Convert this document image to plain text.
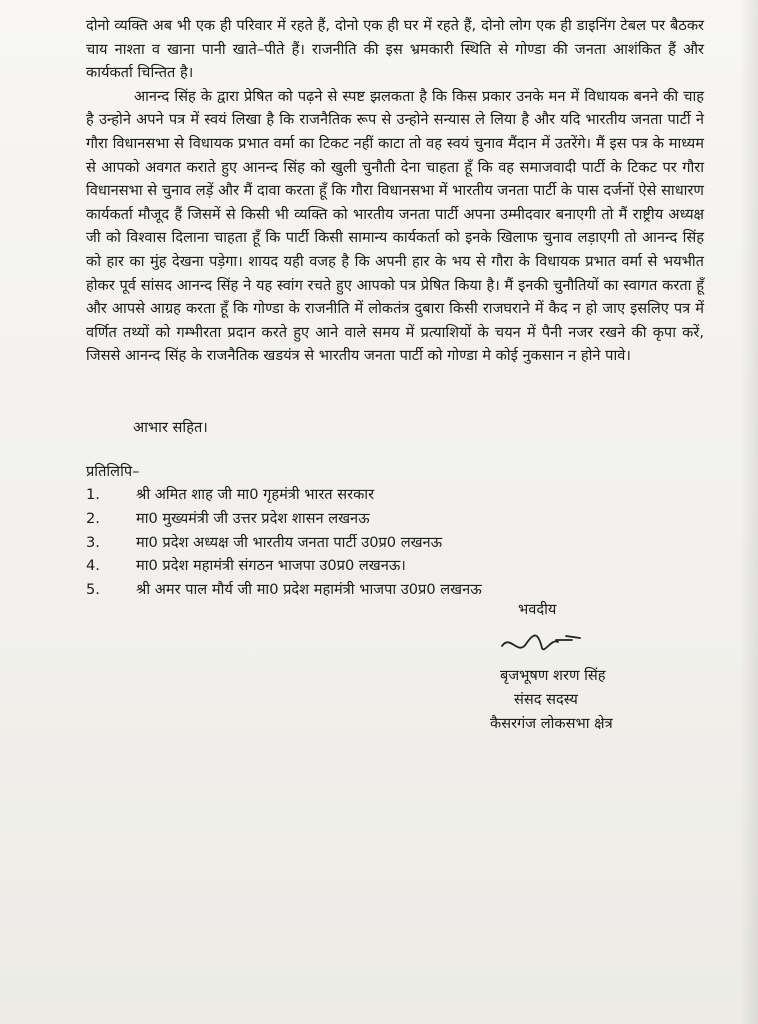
दोनो व्यक्ति अब भी एक ही परिवार में रहते हैं, दोनो एक ही घर में रहते हैं, दोनो लोग एक ही डाइनिंग टेबल पर बैठकर चाय नाश्ता व खाना पानी खाते–पीते हैं। राजनीति की इस भ्रमकारी स्थिति से गोण्डा की जनता आशंकित हैं और कार्यकर्ता चिन्तित है।

आनन्द सिंह के द्वारा प्रेषित को पढ़ने से स्पष्ट झलकता है कि किस प्रकार उनके मन में विधायक बनने की चाह है उन्होने अपने पत्र में स्वयं लिखा है कि राजनैतिक रूप से उन्होने सन्यास ले लिया है और यदि भारतीय जनता पार्टी ने गौरा विधानसभा से विधायक प्रभात वर्मा का टिकट नहीं काटा तो वह स्वयं चुनाव मैंदान में उतरेंगे। मैं इस पत्र के माध्यम से आपको अवगत कराते हुए आनन्द सिंह को खुली चुनौती देना चाहता हूँ कि वह समाजवादी पार्टी के टिकट पर गौरा विधानसभा से चुनाव लड़ें और मैं दावा करता हूँ कि गौरा विधानसभा में भारतीय जनता पार्टी के पास दर्जनों ऐसे साधारण कार्यकर्ता मौजूद हैं जिसमें से किसी भी व्यक्ति को भारतीय जनता पार्टी अपना उम्मीदवार बनाएगी तो मैं राष्ट्रीय अध्यक्ष जी को विश्वास दिलाना चाहता हूँ कि पार्टी किसी सामान्य कार्यकर्ता को इनके खिलाफ चुनाव लड़ाएगी तो आनन्द सिंह को हार का मुंह देखना पड़ेगा। शायद यही वजह है कि अपनी हार के भय से गौरा के विधायक प्रभात वर्मा से भयभीत होकर पूर्व सांसद आनन्द सिंह ने यह स्वांग रचते हुए आपको पत्र प्रेषित किया है। मैं इनकी चुनौतियों का स्वागत करता हूँ और आपसे आग्रह करता हूँ कि गोण्डा के राजनीति में लोकतंत्र दुबारा किसी राजघराने में कैद न हो जाए इसलिए पत्र में वर्णित तथ्यों को गम्भीरता प्रदान करते हुए आने वाले समय में प्रत्याशियों के चयन में पैनी नजर रखने की कृपा करें, जिससे आनन्द सिंह के राजनैतिक खडयंत्र से भारतीय जनता पार्टी को गोण्डा मे कोई नुकसान न होने पावे।

आभार सहित।
प्रतिलिपि–
1.	श्री अमित शाह जी मा0 गृहमंत्री भारत सरकार
2.	मा0 मुख्यमंत्री जी उत्तर प्रदेश शासन लखनऊ
3.	मा0 प्रदेश अध्यक्ष जी भारतीय जनता पार्टी उ0प्र0 लखनऊ
4.	मा0 प्रदेश महामंत्री संगठन भाजपा उ0प्र0 लखनऊ।
5.	श्री अमर पाल मौर्य जी मा0 प्रदेश महामंत्री भाजपा उ0प्र0 लखनऊ
भवदीय
बृजभूषण शरण सिंह
संसद सदस्य
कैसरगंज लोकसभा क्षेत्र
